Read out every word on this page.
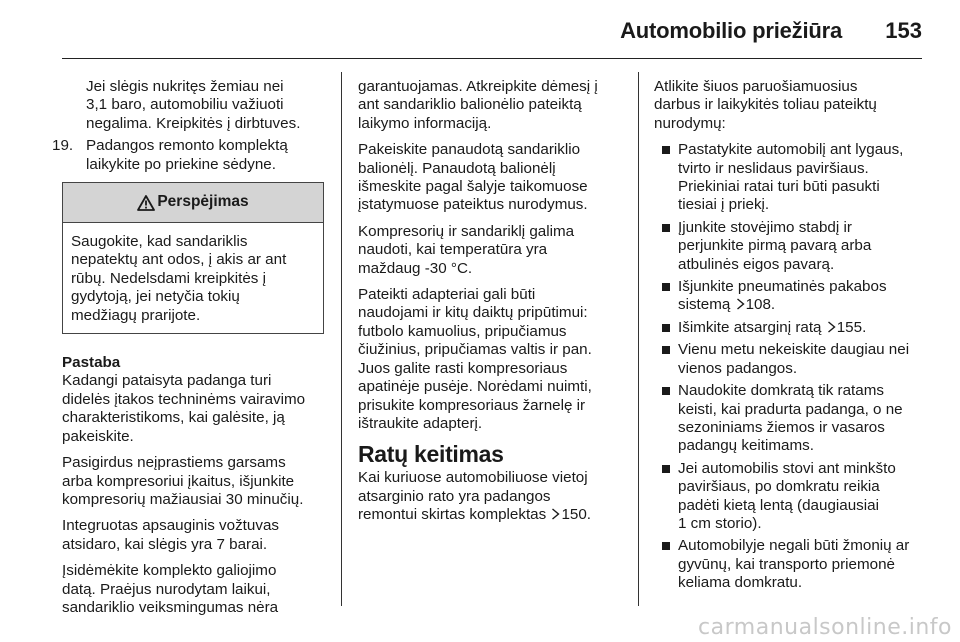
Automobilio priežiūra 153
Jei slėgis nukritęs žemiau nei
3,1 baro, automobiliu važiuoti
negalima. Kreipkitės į dirbtuves.
19. Padangos remonto komplektą
laikykite po priekine sėdyne.
Perspėjimas
Saugokite, kad sandariklis
nepatektų ant odos, į akis ar ant
rūbų. Nedelsdami kreipkitės į
gydytoją, jei netyčia tokių
medžiagų prarijote.
Pastaba
Kadangi pataisyta padanga turi
didelės įtakos techninėms vairavimo
charakteristikoms, kai galėsite, ją
pakeiskite.
Pasigirdus neįprastiems garsams
arba kompresoriui įkaitus, išjunkite
kompresorių mažiausiai 30 minučių.
Integruotas apsauginis vožtuvas
atsidaro, kai slėgis yra 7 barai.
Įsidėmėkite komplekto galiojimo
datą. Praėjus nurodytam laikui,
sandariklio veiksmingumas nėra
garantuojamas. Atkreipkite dėmesį į
ant sandariklio balionėlio pateiktą
laikymo informaciją.
Pakeiskite panaudotą sandariklio
balionėlį. Panaudotą balionėlį
išmeskite pagal šalyje taikomuose
įstatymuose pateiktus nurodymus.
Kompresorių ir sandariklį galima
naudoti, kai temperatūra yra
maždaug -30 °C.
Pateikti adapteriai gali būti
naudojami ir kitų daiktų pripūtimui:
futbolo kamuolius, pripučiamus
čiužinius, pripučiamas valtis ir pan.
Juos galite rasti kompresoriaus
apatinėje pusėje. Norėdami nuimti,
prisukite kompresoriaus žarnelę ir
ištraukite adapterį.
Ratų keitimas
Kai kuriuose automobiliuose vietoj
atsarginio rato yra padangos
remontui skirtas komplektas 150.
Atlikite šiuos paruošiamuosius
darbus ir laikykitės toliau pateiktų
nurodymų:
Pastatykite automobilį ant lygaus,
tvirto ir neslidaus paviršiaus.
Priekiniai ratai turi būti pasukti
tiesiai į priekį.
Įjunkite stovėjimo stabdį ir
perjunkite pirmą pavarą arba
atbulinės eigos pavarą.
Išjunkite pneumatinės pakabos
sistemą 108.
Išimkite atsarginį ratą 155.
Vienu metu nekeiskite daugiau nei
vienos padangos.
Naudokite domkratą tik ratams
keisti, kai pradurta padanga, o ne
sezoniniams žiemos ir vasaros
padangų keitimams.
Jei automobilis stovi ant minkšto
paviršiaus, po domkratu reikia
padėti kietą lentą (daugiausiai
1 cm storio).
Automobilyje negali būti žmonių ar
gyvūnų, kai transporto priemonė
keliama domkratu.
carmanualsonline.info
